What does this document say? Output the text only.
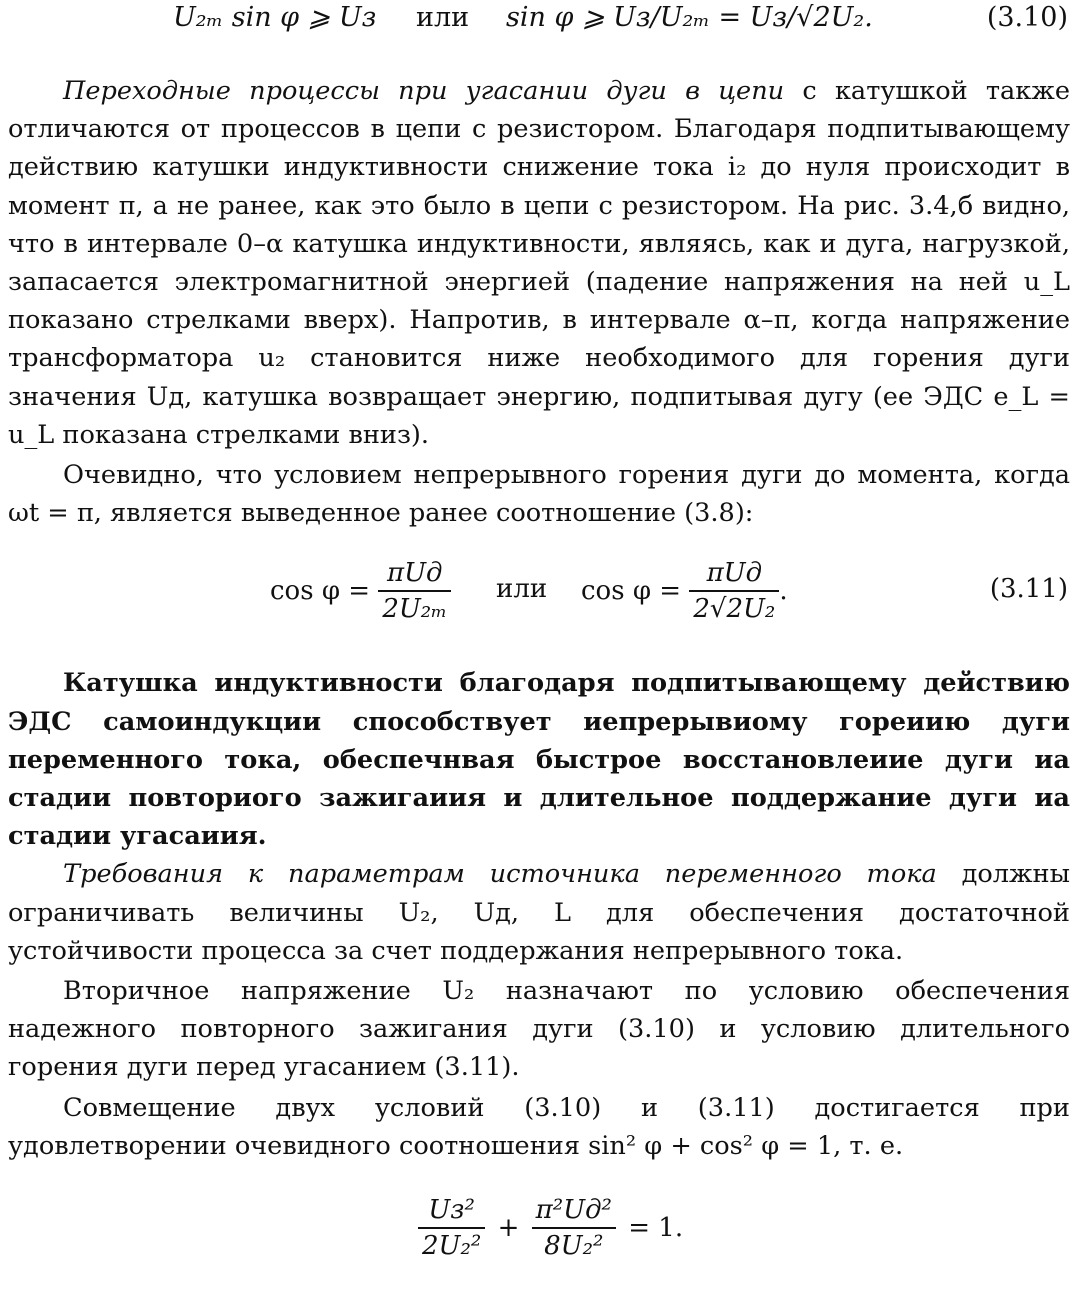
U₂ₘ sin φ ⩾ Uз или sin φ ⩾ Uз/U₂ₘ = Uз/√2U₂.	(3.10)

Переходные процессы при угасании дуги в цепи с катушкой также отличаются от процессов в цепи с резистором. Благодаря подпитывающему действию катушки индуктивности снижение тока i₂ до нуля происходит в момент π, а не ранее, как это было в цепи с резистором. На рис. 3.4,б видно, что в интервале 0–α катушка индуктивности, являясь, как и дуга, нагрузкой, запасается электромагнитной энергией (падение напряжения на ней u_L показано стрелками вверх). Напротив, в интервале α–π, когда напряжение трансформатора u₂ становится ниже необходимого для горения дуги значения Uд, катушка возвращает энергию, подпитывая дугу (ее ЭДС e_L = u_L показана стрелками вниз).

Очевидно, что условием непрерывного горения дуги до момента, когда ωt = π, является выведенное ранее соотношение (3.8):

$\cos \varphi = \frac{\text{πUд}}{\text{2U₂ₘ}}$ или $\cos \varphi = \frac{\text{πUд}}{\text{2√2U₂}}$ .	(3.11)

Катушка индуктивности благодаря подпитывающему действию ЭДС самоиндукции способствует иепрерывиому гореиию дуги переменного тока, обеспечнвая быстрое восстановлеиие дуги иа стадии повториого зажигаиия и длительное поддержание дуги иа стадии угасаиия.

Требования к параметрам источника переменного тока должны ограничивать величины U₂, Uд, L для обеспечения достаточной устойчивости процесса за счет поддержания непрерывного тока.

Вторичное напряжение U₂ назначают по условию обеспечения надежного повторного зажигания дуги (3.10) и условию длительного горения дуги перед угасанием (3.11).

Совмещение двух условий (3.10) и (3.11) достигается при удовлетворении очевидного соотношения sin² φ + cos² φ = 1, т. е.

$\frac{\text{Uз²}}{\text{2U₂²}} + \frac{\text{π²Uд²}}{\text{8U₂²}} = 1$.
